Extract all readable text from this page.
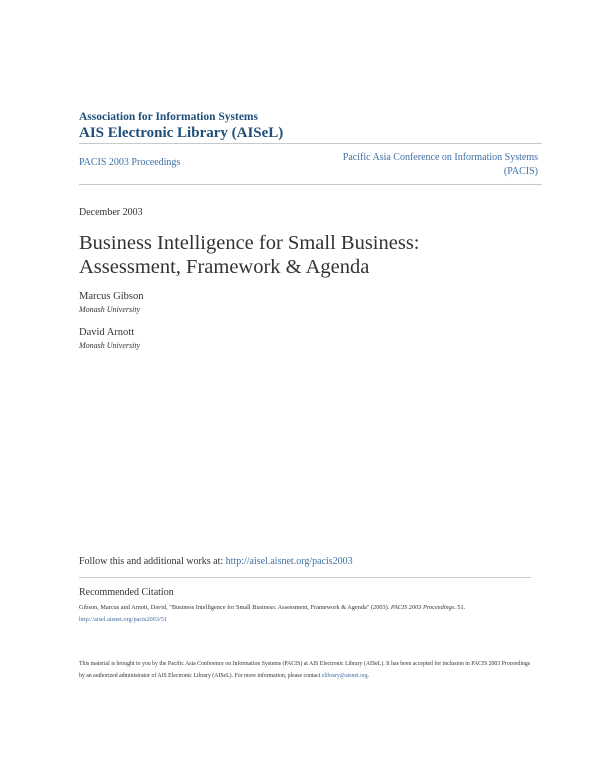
Association for Information Systems
AIS Electronic Library (AISeL)
PACIS 2003 Proceedings	Pacific Asia Conference on Information Systems (PACIS)
December 2003
Business Intelligence for Small Business: Assessment, Framework & Agenda
Marcus Gibson
Monash University
David Arnott
Monash University
Follow this and additional works at: http://aisel.aisnet.org/pacis2003
Recommended Citation
Gibson, Marcus and Arnott, David, "Business Intelligence for Small Business: Assessment, Framework & Agenda" (2003). PACIS 2003 Proceedings. 51.
http://aisel.aisnet.org/pacis2003/51
This material is brought to you by the Pacific Asia Conference on Information Systems (PACIS) at AIS Electronic Library (AISeL). It has been accepted for inclusion in PACIS 2003 Proceedings by an authorized administrator of AIS Electronic Library (AISeL). For more information, please contact elibrary@aisnet.org.
